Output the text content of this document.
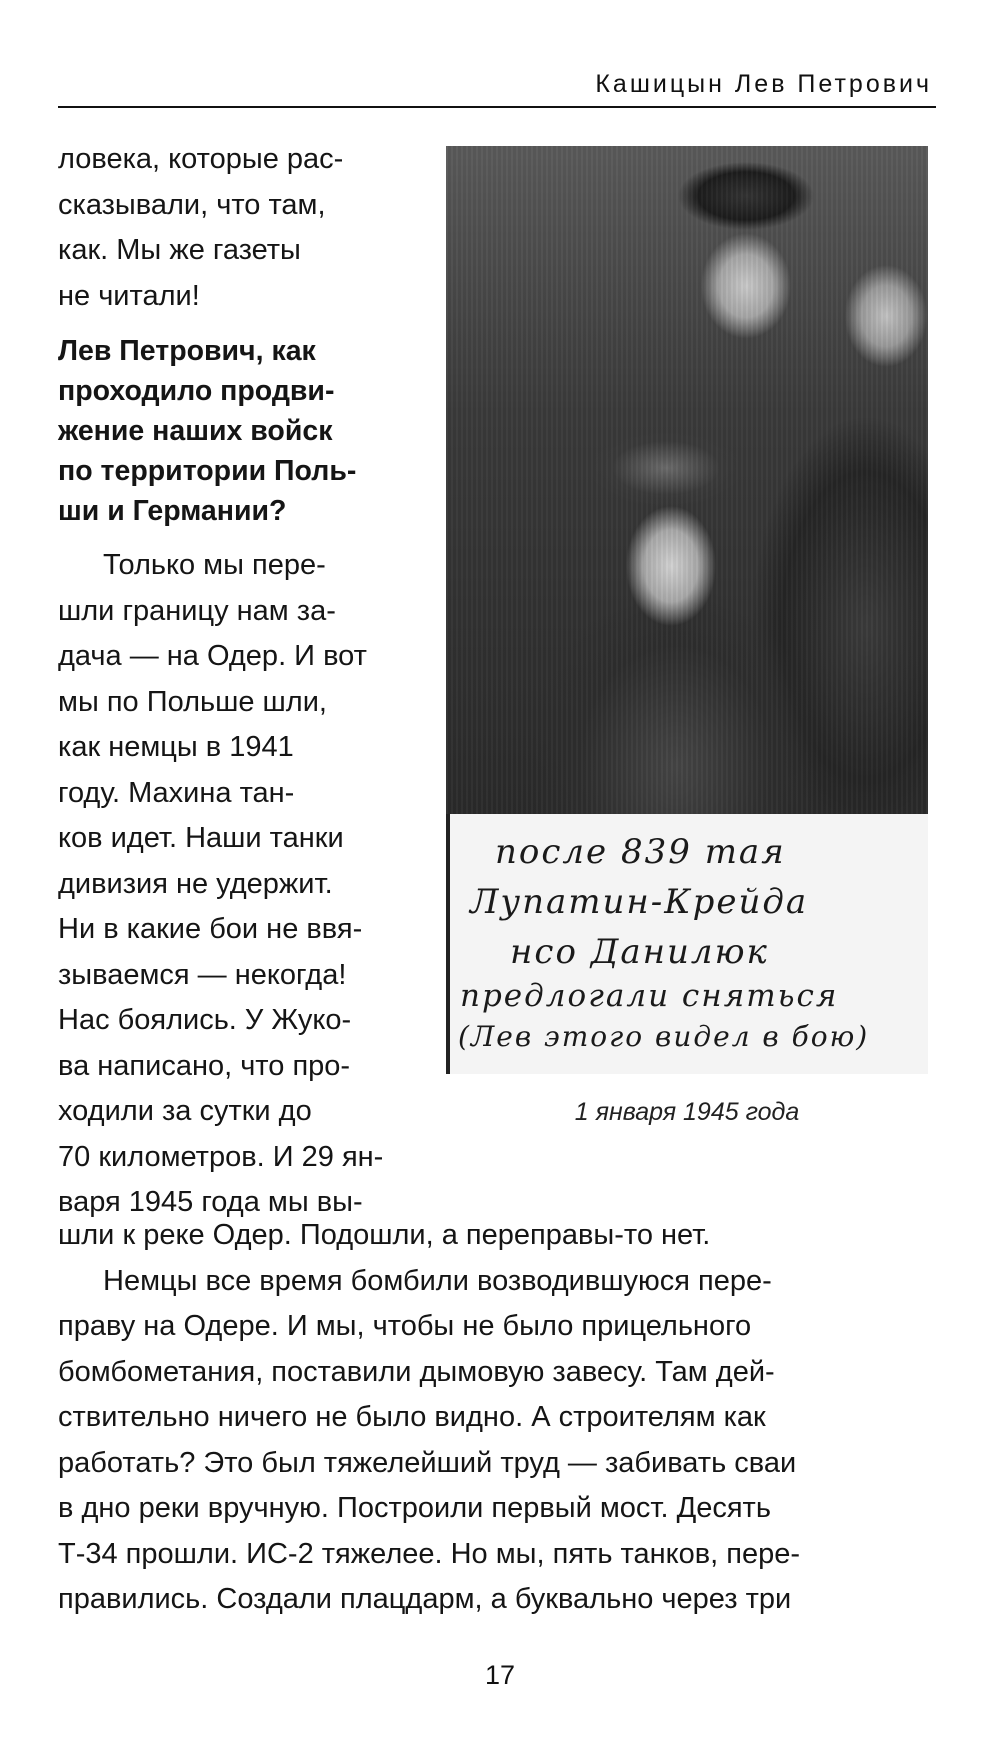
Кашицын Лев Петрович

ловека, которые рас-
сказывали, что там,
как. Мы же газеты
не читали!

Лев Петрович, как
проходило продви-
жение наших войск
по территории Поль-
ши и Германии?

Только мы пере-
шли границу нам за-
дача — на Одер. И вот
мы по Польше шли,
как немцы в 1941
году. Махина тан-
ков идет. Наши танки
дивизия не удержит.
Ни в какие бои не ввя-
зываемся — некогда!
Нас боялись. У Жуко-
ва написано, что про-
ходили за сутки до
70 километров. И 29 ян-
варя 1945 года мы вы-

после 839 тая
Лупатин-Крейда
нсо Данилюк
предлогали сняться
(Лев этого видел в бою)
1 января 1945 года

шли к реке Одер. Подошли, а переправы-то нет.

Немцы все время бомбили возводившуюся пере-
праву на Одере. И мы, чтобы не было прицельного
бомбометания, поставили дымовую завесу. Там дей-
ствительно ничего не было видно. А строителям как
работать? Это был тяжелейший труд — забивать сваи
в дно реки вручную. Построили первый мост. Десять
Т-34 прошли. ИС-2 тяжелее. Но мы, пять танков, пере-
правились. Создали плацдарм, а буквально через три

17
